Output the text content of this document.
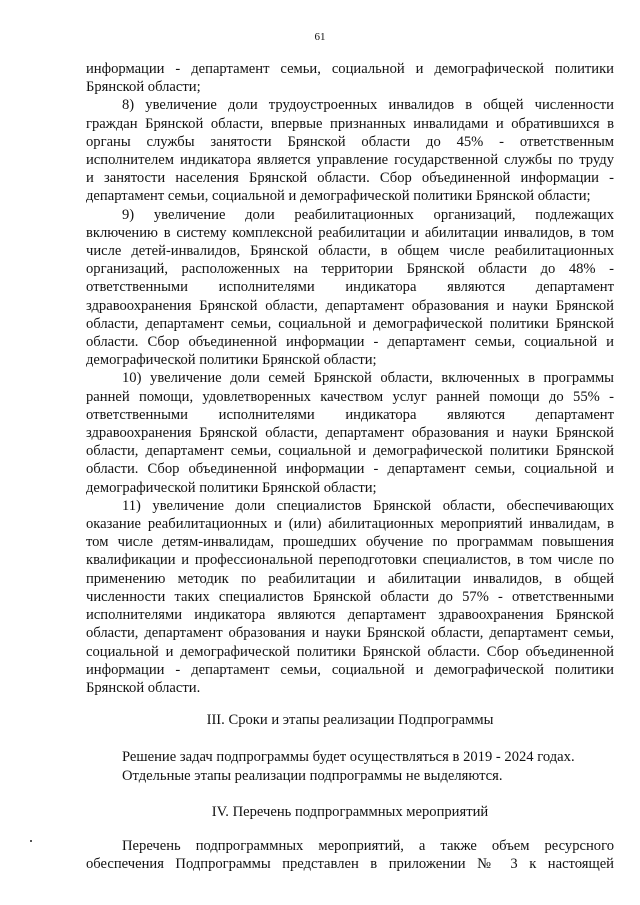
61

информации - департамент семьи, социальной и демографической политики
Брянской области;

8) увеличение доли трудоустроенных инвалидов в общей численности
граждан Брянской области, впервые признанных инвалидами и обратившихся в
органы службы занятости Брянской области до 45% - ответственным
исполнителем индикатора является управление государственной службы по труду
и занятости населения Брянской области. Сбор объединенной информации -
департамент семьи, социальной и демографической политики Брянской области;

9) увеличение доли реабилитационных организаций, подлежащих
включению в систему комплексной реабилитации и абилитации инвалидов, в том
числе детей-инвалидов, Брянской области, в общем числе реабилитационных
организаций, расположенных на территории Брянской области до 48% -
ответственными исполнителями индикатора являются департамент
здравоохранения Брянской области, департамент образования и науки Брянской
области, департамент семьи, социальной и демографической политики Брянской
области. Сбор объединенной информации - департамент семьи, социальной и
демографической политики Брянской области;

10) увеличение доли семей Брянской области, включенных в программы
ранней помощи, удовлетворенных качеством услуг ранней помощи до 55% -
ответственными исполнителями индикатора являются департамент
здравоохранения Брянской области, департамент образования и науки Брянской
области, департамент семьи, социальной и демографической политики Брянской
области. Сбор объединенной информации - департамент семьи, социальной и
демографической политики Брянской области;

11) увеличение доли специалистов Брянской области, обеспечивающих
оказание реабилитационных и (или) абилитационных мероприятий инвалидам, в
том числе детям-инвалидам, прошедших обучение по программам повышения
квалификации и профессиональной переподготовки специалистов, в том числе по
применению методик по реабилитации и абилитации инвалидов, в общей
численности таких специалистов Брянской области до 57% - ответственными
исполнителями индикатора являются департамент здравоохранения Брянской
области, департамент образования и науки Брянской области, департамент семьи,
социальной и демографической политики Брянской области. Сбор объединенной
информации - департамент семьи, социальной и демографической политики
Брянской области.

III. Сроки и этапы реализации Подпрограммы

Решение задач подпрограммы будет осуществляться в 2019 - 2024 годах.
Отдельные этапы реализации подпрограммы не выделяются.

IV. Перечень подпрограммных мероприятий

Перечень подпрограммных мероприятий, а также объем ресурсного
обеспечения Подпрограммы представлен в приложении № 3 к настоящей
